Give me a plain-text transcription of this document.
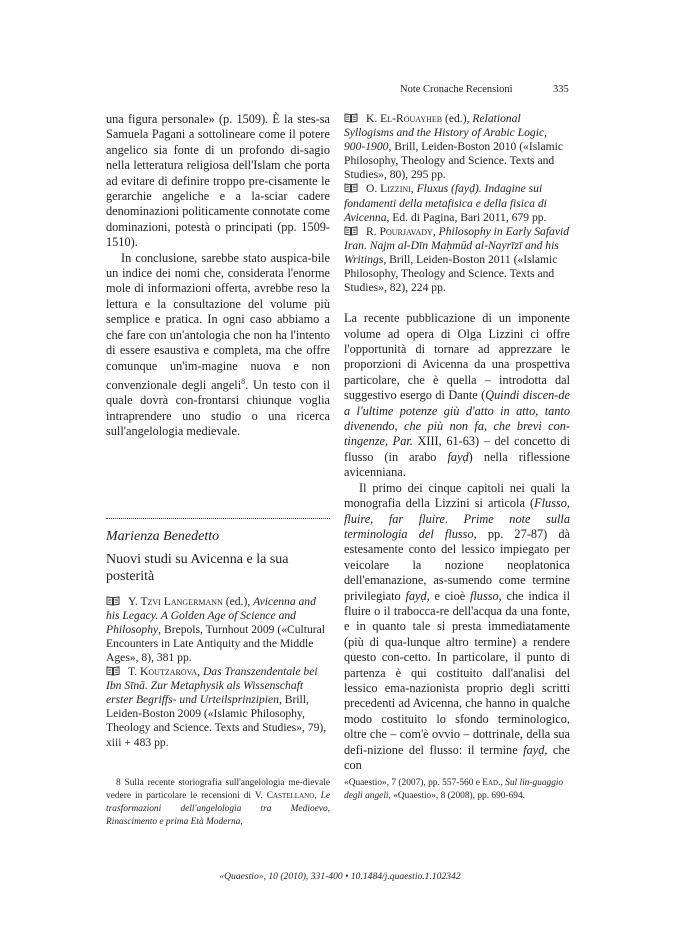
Note Cronache Recensioni	335

una figura personale» (p. 1509). È la stes-sa Samuela Pagani a sottolineare come il potere angelico sia fonte di un profondo di-sagio nella letteratura religiosa dell'Islam che porta ad evitare di definire troppo pre-cisamente le gerarchie angeliche e a la-sciar cadere denominazioni politicamente connotate come dominazioni, potestà o principati (pp. 1509-1510).

In conclusione, sarebbe stato auspica-bile un indice dei nomi che, considerata l'enorme mole di informazioni offerta, avrebbe reso la lettura e la consultazione del volume più semplice e pratica. In ogni caso abbiamo a che fare con un'antologia che non ha l'intento di essere esaustiva e completa, ma che offre comunque un'im-magine nuova e non convenzionale degli angeli$^8$. Un testo con il quale dovrà con-frontarsi chiunque voglia intraprendere uno studio o una ricerca sull'angelologia medievale.

Marienza Benedetto
Nuovi studi su Avicenna e la sua posterità
Y. Tzvi Langermann (ed.), Avicenna and his Legacy. A Golden Age of Science and Philosophy, Brepols, Turnhout 2009 («Cultural Encounters in Late Antiquity and the Middle Ages», 8), 381 pp.
T. Koutzarova, Das Transzendentale bei Ibn Sīnā. Zur Metaphysik als Wissenschaft erster Begriffs- und Urteilsprinzipien, Brill, Leiden-Boston 2009 («Islamic Philosophy, Theology and Science. Texts and Studies», 79), xiii + 483 pp.
K. El-Rouayheb (ed.), Relational Syllogisms and the History of Arabic Logic, 900-1900, Brill, Leiden-Boston 2010 («Islamic Philosophy, Theology and Science. Texts and Studies», 80), 295 pp.
O. Lizzini, Fluxus (fayḍ). Indagine sui fondamenti della metafisica e della fisica di Avicenna, Ed. di Pagina, Bari 2011, 679 pp.
R. Pourjavady, Philosophy in Early Safavid Iran. Najm al-Dīn Maḥmūd al-Nayrīzī and his Writings, Brill, Leiden-Boston 2011 («Islamic Philosophy, Theology and Science. Texts and Studies», 82), 224 pp.

La recente pubblicazione di un imponente volume ad opera di Olga Lizzini ci offre l'opportunità di tornare ad apprezzare le proporzioni di Avicenna da una prospettiva particolare, che è quella – introdotta dal suggestivo esergo di Dante (Quindi discen-de a l'ultime potenze giù d'atto in atto, tanto divenendo, che più non fa, che brevi con-tingenze, Par. XIII, 61-63) – del concetto di flusso (in arabo fayḍ) nella riflessione avicenniana.

Il primo dei cinque capitoli nei quali la monografia della Lizzini si articola (Flusso, fluire, far fluire. Prime note sulla terminologia del flusso, pp. 27-87) dà estesamente conto del lessico impiegato per veicolare la nozione neoplatonica dell'emanazione, as-sumendo come termine privilegiato fayḍ, e cioè flusso, che indica il fluire o il trabocca-re dell'acqua da una fonte, e in quanto tale si presta immediatamente (più di qua-lunque altro termine) a rendere questo con-cetto. In particolare, il punto di partenza è qui costituito dall'analisi del lessico ema-nazionista proprio degli scritti precedenti ad Avicenna, che hanno in qualche modo costituito lo sfondo terminologico, oltre che – com'è ovvio – dottrinale, della sua defi-nizione del flusso: il termine fayḍ, che con

8 Sulla recente storiografia sull'angelologia me-dievale vedere in particolare le recensioni di V. Castellano, Le trasformazioni dell'angelologia tra Medioevo, Rinascimento e prima Età Moderna,
«Quaestio», 7 (2007), pp. 557-560 e Ead., Sul lin-guaggio degli angeli, «Quaestio», 8 (2008), pp. 690-694.
«Quaestio», 10 (2010), 331-400 • 10.1484/j.quaestio.1.102342
